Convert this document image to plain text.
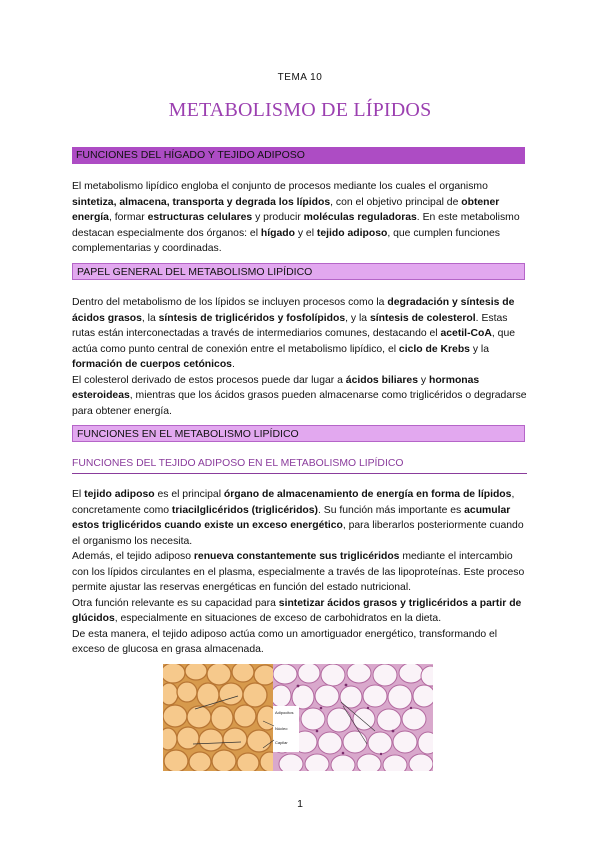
TEMA 10
METABOLISMO DE LÍPIDOS
FUNCIONES DEL HÍGADO Y TEJIDO ADIPOSO

El metabolismo lipídico engloba el conjunto de procesos mediante los cuales el organismo sintetiza, almacena, transporta y degrada los lípidos, con el objetivo principal de obtener energía, formar estructuras celulares y producir moléculas reguladoras. En este metabolismo destacan especialmente dos órganos: el hígado y el tejido adiposo, que cumplen funciones complementarias y coordinadas.

PAPEL GENERAL DEL METABOLISMO LIPÍDICO

Dentro del metabolismo de los lípidos se incluyen procesos como la degradación y síntesis de ácidos grasos, la síntesis de triglicéridos y fosfolípidos, y la síntesis de colesterol. Estas rutas están interconectadas a través de intermediarios comunes, destacando el acetil-CoA, que actúa como punto central de conexión entre el metabolismo lipídico, el ciclo de Krebs y la formación de cuerpos cetónicos.

El colesterol derivado de estos procesos puede dar lugar a ácidos biliares y hormonas esteroideas, mientras que los ácidos grasos pueden almacenarse como triglicéridos o degradarse para obtener energía.

FUNCIONES EN EL METABOLISMO LIPÍDICO
FUNCIONES DEL TEJIDO ADIPOSO EN EL METABOLISMO LIPÍDICO

El tejido adiposo es el principal órgano de almacenamiento de energía en forma de lípidos, concretamente como triacilglicéridos (triglicéridos). Su función más importante es acumular estos triglicéridos cuando existe un exceso energético, para liberarlos posteriormente cuando el organismo los necesita.

Además, el tejido adiposo renueva constantemente sus triglicéridos mediante el intercambio con los lípidos circulantes en el plasma, especialmente a través de las lipoproteínas. Este proceso permite ajustar las reservas energéticas en función del estado nutricional.

Otra función relevante es su capacidad para sintetizar ácidos grasos y triglicéridos a partir de glúcidos, especialmente en situaciones de exceso de carbohidratos en la dieta.

De esta manera, el tejido adiposo actúa como un amortiguador energético, transformando el exceso de glucosa en grasa almacenada.

Adipocitos
Núcleo
Capilar
1
